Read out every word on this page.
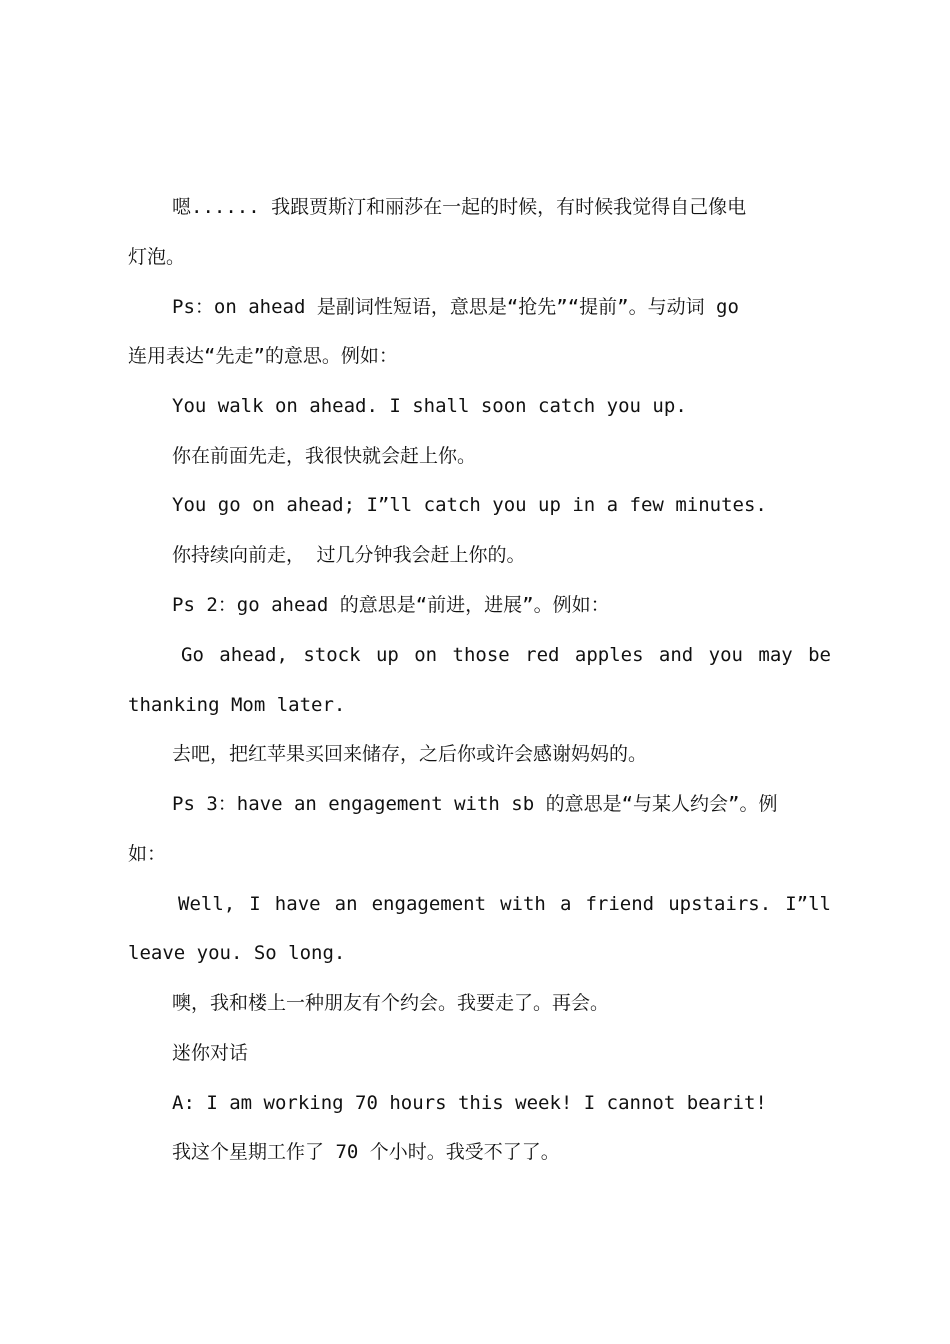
嗯...... 我跟贾斯汀和丽莎在一起的时候，有时候我觉得自己像电
灯泡。
Ps：on ahead 是副词性短语，意思是“抢先”“提前”。与动词 go
连用表达“先走”的意思。例如：
You walk on ahead. I shall soon catch you up.
你在前面先走，我很快就会赶上你。
You go on ahead; I”ll catch you up in a few minutes.
你持续向前走， 过几分钟我会赶上你的。
Ps 2：go ahead 的意思是“前进，进展”。例如：
Go ahead, stock up on those red apples and you may be
thanking Mom later.
去吧，把红苹果买回来储存，之后你或许会感谢妈妈的。
Ps 3：have an engagement with sb 的意思是“与某人约会”。例
如：
Well, I have an engagement with a friend upstairs. I”ll
leave you. So long.
噢，我和楼上一种朋友有个约会。我要走了。再会。
迷你对话
A: I am working 70 hours this week! I cannot bearit!
我这个星期工作了 70 个小时。我受不了了。
